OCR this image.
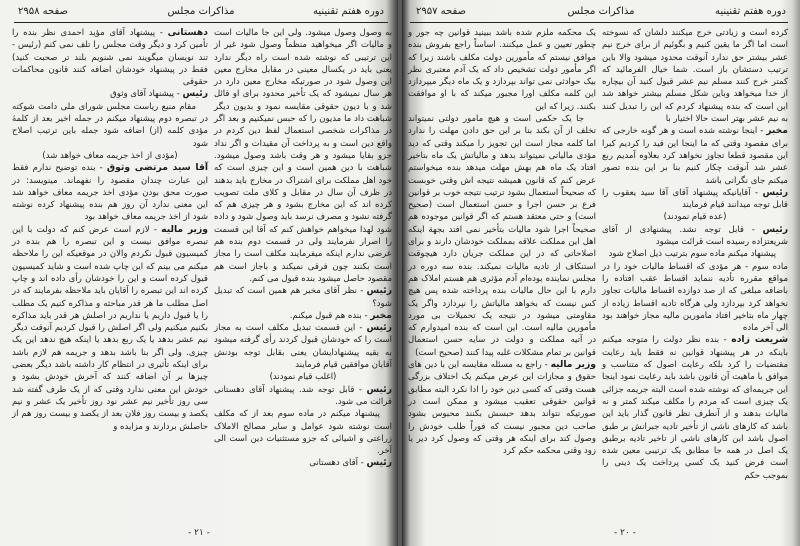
دوره هفتم تقنینیه
مذاکرات مجلس
صفحه ۲۹۵۸

به وصول وصول میشود. ولی این جا مالیات است و مالیات اگر میخواهید منظماً وصول شود غیر از این ترتیبی که نوشته شده است راه دیگر ندارد یعنی باید در یکسال معینی در مقابل مخارج معین این وصول شود در صورتیکه مخارج معین دارد در هر سال نمیشود که یک تأخیر محدود برای او قائل شد و با دیون حقوقی مقایسه نمود و بدیون دیگر شباهت داد ما مدیون را که حبس نمیکنیم و بعد اگر در مذاکرات شخصی استعمال لفظ دین کردم در واقع دین است و به پرداخت آن مقیدات و اگر نداد جزو بقایا میشود و هر وقت باشد وصول میشود. شباهت با دین همین است و این چیزی است که خود اهل مملکت برای اشتراک در مخارج باید بدهند در ظرف آن سال در مقابل و کلای ملت تصویب کرده اند که این مخارج بشود و هر چیزی هم که گرفته نشود و مصرف نرسد باید وصول شود و داده شود لهذا میخواهم خواهش کنم که آقا این قسمت را اصرار نفرمایند ولی در قسمت دوم بنده هم عرضی ندارم اینکه میفرمایند مکلف است را مجاز است بکنند چون فرقی نمیکند و باجاز است هم مقصود حاصل میشود بنده قبول می کنم.

رئیس - نظر آقای مخبر هم همین است که تبدیل شود؟

مخبر - بنده هم قبول میکنم.

رئیس - این قسمت تبدیل مکلف است به مجاز است را که خودشان قبول کردند رأی گرفته میشود به بقیه پیشنهادایشان یعنی بقابل توجه بودنش آقایان موافقین قیام فرمایند

(اغلب قیام نمودند)

رئیس - قابل توجه شد. پیشنهاد آقای دهستانی قرائت می شود.

پیشنهاد میکنم در ماده سوم بعد از که مکلف است نوشته شود عوامل و سایر مصالح الاملاک زراعتی و اشیائی که جزو مستثنیات دین است الی آخر.

رئیس - آقای دهستانی

دهستانی - پیشنهاد آقای مؤید احمدی نظر بنده را تأمین کرد و دیگر وقت مجلس را تلف نمی کنم (رئیس - تند نویسان میگویند نمی شنویم بلند تر صحبت کنید) فقط در پیشنهاد خودشان اضافه کنند قانون محاکمات حقوقی

رئیس - پیشنهاد آقای وثوق

مقام منیع ریاست مجلس شورای ملی دامت شوکته در تبصره دوم پیشنهاد میکنم در جمله اخیر بعد از کلمهٔ مؤدی کلمه (از) اضافه شود جمله باین ترتیب اصلاح شود

(مؤدی از اخذ جریمه معاف خواهد شد)

آقا سید مرتضی وثوق - بنده توضیح ندارم فقط این عبارت چندان مقصود را نفهماند. مینویسد: در صورت محق بودن مؤدی اخذ جریمه معاف خواهد شد این معنی ندارد آن روز هم بنده پیشنهاد کرده نوشته شود از اخذ جریمه معاف خواهد بود

وزیر مالیه - لازم است عرض کنم که دولت با این تبصره موافق نیست و این تبصره را هم بنده در کمیسیون قبول نکردم والان در موقعیکه این را ملاحظه میکنم می بینم که این چاپ شده است و شاید کمیسیون قبول کرده است و این را خودشان رأی داده اند و چاپ کرده اند این تبصره را آقایان باید ملاحظه بفرمایند که در اصل مطلب ما هر قدر مباحثه و مذاکره کنیم یک مطلب را یا قبول داریم یا نداریم در اصلش هر قدر باید مذاکره بکنیم میکنیم ولی اگر اصلش را قبول کردیم آنوقت دیگر نیم عشر بدهد یا یک ربع بدهد یا اینکه هیچ ندهد این یک چیزی. ولی اگر بنا باشد بدهد و جریمه هم لازم باشد برای اینکه تأثیری در انتظام کار داشته باشد دیگر بعضی چیزها بر آن اضافه کنند که آخرش خودش بشود و خودش این معنی ندارد وقتی که از یک طرف گفته شد سی روز تأخیر نیم عشر نود روز تأخیر یک عشر و نیم یکصد و بیست روز فلان بعد از یکصد و بیست روز هم از حاصلش بردارند و مزایده و

- ۲۱ -
دوره هفتم تقنینیه
مذاکرات مجلس
صفحه ۲۹۵۷

کرده است و زیادتی خرج میکنند دلشان که نسوخته است اما اگر ما یقین کنیم و بگوئیم از برای خرج نیم عشر بیشتر حق ندارد آنوقت محدود میشود والا باین ترتیب دستشان باز است. شما خیال الفرمائید که کمتر خرج کنند مسلم نیم عشر قبول کنید آن بیچاره از خدا میخواهد وباین شکل مسلم بیشتر خواهد شد این است که بنده پیشنهاد کردم که این را تبدیل کنند به نیم عشر بهتر است حالا اختیار با

مخبر - اینجا نوشته شده است و هر گونه خارجی که برای مقصود وقتی که ما اینجا این قید را کردیم کبرا این مقصود قطعا تجاوز نخواهد کرد بعلاوه آمدیم ربع عشر شد آنوقت چکار کنیم بنا بر این بنده تصور میکنم جای نگرانی باشد

رئیس - آقایانیکه پیشنهاد آقای آقا سید یعقوب را قابل توجه میدانند قیام فرمایند

(عده قیام نمودند)

رئیس - قابل توجه نشد. پیشنهادی از آقای شریعتزاده رسیده است قرائت میشود

پیشنهاد میکنم ماده سوم بترتیب ذیل اصلاح شود

ماده سوم - هر مؤدی که اقساط مالیات خود را در مواقع مقرره تأدیه ننماید اقساط عقب افتاده را باضافه مبلغی که از صد دوازده اقساط مالیات تجاوز نخواهد کرد بپردازد ولی هرگاه تادیه اقساط زیاده از چهار ماه بتاخیر افتاد مامورین مالیه مجاز خواهند بود الی آخر ماده

شریعت زاده - بنده نظر دولت را متوجه میکنم باینکه در هر پیشنهاد قوانین نه فقط باید رعایت مقتضیات را کرد بلکه رعایت اصول که متناسب و موافق با ماهیت آن قانون باشد باید رعایت نمود اینجا این جریمه‌ای که نوشته شده است البته جریمه جزائی یک چیزی است که مردم را مکلف میکند کمتر و نه مالیات بدهند و از آنطرف نظر قانون گذار باید این باشد که کارهای ناشی از تأخیر تادیه جبرانش بر طبق اصول باشد این کارهای ناشی از تاخیر تادیه برطبق یک اصل در همه جا مطابق یک ترتیبی معین شده است فرض کنید یک کسی پرداخت یک دینی را بموجب حکم

یک محکمه ملزم شده باشد ببینید قوانین چه جور و چطور تعیین و عمل میکنند. اساساً راجع بفروش بنده موافق نیستم که مأمورین دولت مکلف باشند زیرا که اگر مأمور دولت تشخیص داد که یک آدم معتبری نظر بیک حوادثی نمی تواند بپردازد و یک ماه دیگر میپردازد این کلمه مکلف اورا مجبور میکند که با او موافقت بکنند. زیرا که این

جا یک حکمی است و هیچ مامور دولتی نمیتواند تخلف از آن بکند بنا بر این حق دادن مهلت را ندارد اما کلمه مجاز است این تجویز را میکند وقتی که دید مؤدی مالیاتی نمیتواند بدهد و مالیاتش یک ماه بتاخیر افتاد یک ماه هم بهش مهلت میدهد بنده میخواستم عرض کنم که قانون همیشه نتیجه اش وقتی خوبست که صحیحاً استعمال بشود ترتیب نتیجه خوب بر قوانین فرع بر حسن اجرا و حسن استعمال است (صحیح است) و حتی معتقد هستم که اگر قوانین موجوده هم صحیحاً اجرا شود مالیات بتأخیر نمی افتد بجهة اینکه اهل این مملکت علاقه بمملکت خودشان دارند و برای اصلاحاتی که در این مملکت جریان دارد هیچوقت استنکاف از تادیه مالیات نمیکند. بنده سه دوره در مجلس نماینده بوده‌ام آدم مؤثری هم هستم املاک هم دارم با این حال مالیات بنده پرداخته شده پس هیچ کس نیست که بخواهد مالیاتش را نپردازد واگر یک مقاومتی میشود در نتیجه یک تحمیلات بی مورد مأمورین مالیه است. این است که بنده امیدوارم که در آتیه مملکت و دولت در سایه حسن استعمال قوانین بر تمام مشکلات غلبه پیدا کنند (صحیح است)

وزیر مالیه - راجع به مسئله مقایسه این با دین های حقوق و مجازات این عرض میکنم یک اختلاف بزرگی هست وقتی که کسی دین خود را ادا نکرد البته مطابق قوانین حقوقی تعقیب میشود و ممکن است در صورتیکه نتواند بدهد حبسش بکنند محبوس بشود صاحب دین مجبور نیست که فوراً طلب خودش را وصول کند برای اینکه هر وقتی که وصول کرد دیر یا زود وقتی محکمه حکم کرد

- ۲۰ -
